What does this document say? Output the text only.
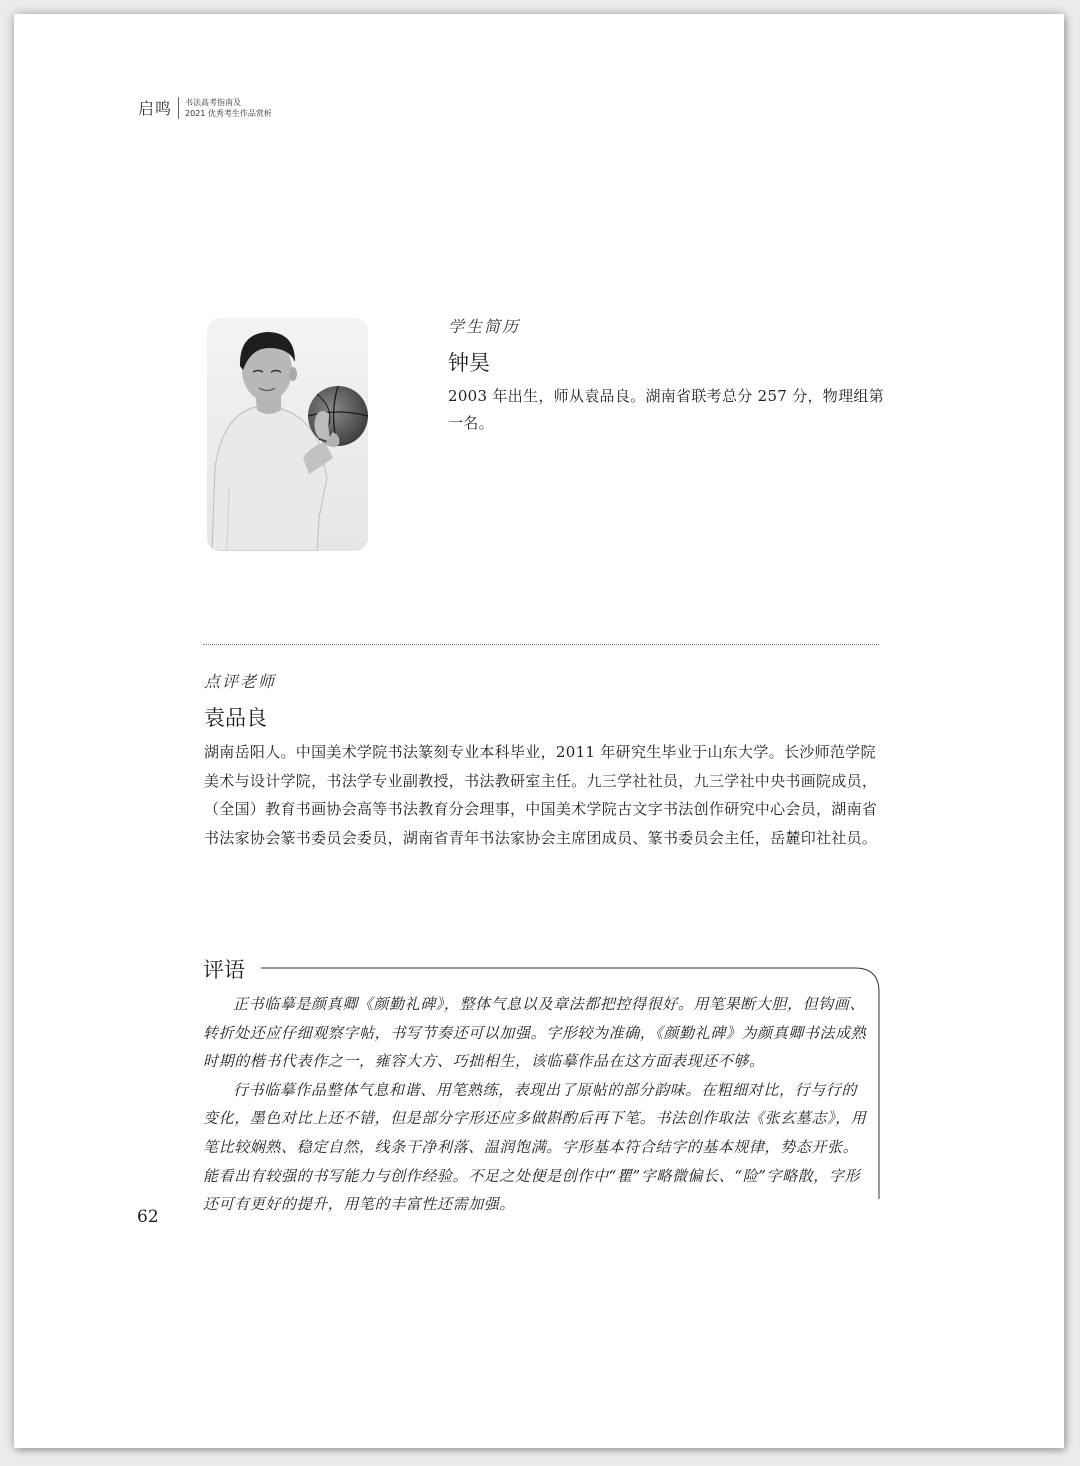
启鸣 书法高考指南及
2021 优秀考生作品赏析
学生简历
钟昊
2003 年出生，师从袁品良。湖南省联考总分 257 分，物理组第一名。
点评老师
袁品良
湖南岳阳人。中国美术学院书法篆刻专业本科毕业，2011 年研究生毕业于山东大学。长沙师范学院美术与设计学院，书法学专业副教授，书法教研室主任。九三学社社员，九三学社中央书画院成员，（全国）教育书画协会高等书法教育分会理事，中国美术学院古文字书法创作研究中心会员，湖南省书法家协会篆书委员会委员，湖南省青年书法家协会主席团成员、篆书委员会主任，岳麓印社社员。
评语

正书临摹是颜真卿《颜勤礼碑》，整体气息以及章法都把控得很好。用笔果断大胆，但钩画、转折处还应仔细观察字帖，书写节奏还可以加强。字形较为准确，《颜勤礼碑》为颜真卿书法成熟时期的楷书代表作之一，雍容大方、巧拙相生，该临摹作品在这方面表现还不够。

行书临摹作品整体气息和谐、用笔熟练，表现出了原帖的部分韵味。在粗细对比，行与行的变化，墨色对比上还不错，但是部分字形还应多做斟酌后再下笔。书法创作取法《张玄墓志》，用笔比较娴熟、稳定自然，线条干净利落、温润饱满。字形基本符合结字的基本规律，势态开张。能看出有较强的书写能力与创作经验。不足之处便是创作中“瞿”字略微偏长、“险”字略散，字形还可有更好的提升，用笔的丰富性还需加强。

62
